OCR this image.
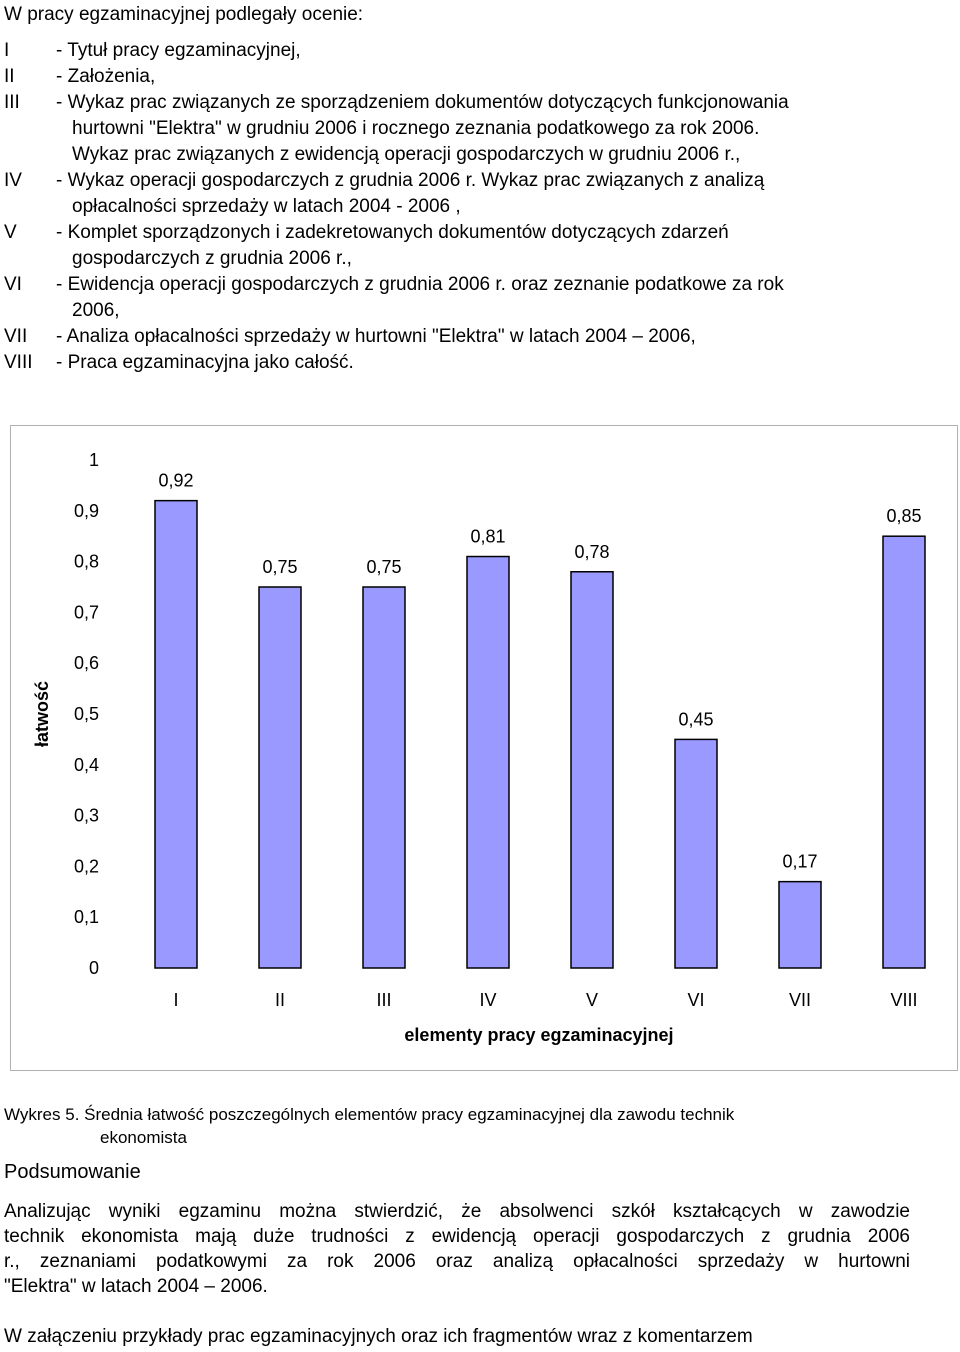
W pracy egzaminacyjnej podlegały ocenie:
I	- Tytuł pracy egzaminacyjnej,
II	- Założenia,
III	- Wykaz prac związanych ze sporządzeniem dokumentów dotyczących funkcjonowania
hurtowni "Elektra" w grudniu 2006 i rocznego zeznania podatkowego za rok 2006.
Wykaz prac związanych z ewidencją operacji gospodarczych w grudniu 2006 r.,
IV	- Wykaz operacji gospodarczych z grudnia 2006 r. Wykaz prac związanych z analizą
opłacalności sprzedaży w latach 2004 - 2006 ,
V	- Komplet sporządzonych i zadekretowanych dokumentów dotyczących zdarzeń
gospodarczych z grudnia 2006 r.,
VI	- Ewidencja operacji gospodarczych z grudnia 2006 r. oraz zeznanie podatkowe za rok
2006,
VII	- Analiza opłacalności sprzedaży w hurtowni "Elektra" w latach 2004 – 2006,
VIII	- Praca egzaminacyjna jako całość.
0
0,1
0,2
0,3
0,4
0,5
0,6
0,7
0,8
0,9
1
0,92
I
0,75
II
0,75
III
0,81
IV
0,78
V
0,45
VI
0,17
VII
0,85
VIII
elementy pracy egzaminacyjnej
łatwość
Wykres 5. Średnia łatwość poszczególnych elementów pracy egzaminacyjnej dla zawodu technik
ekonomista
Podsumowanie
Analizując wyniki egzaminu można stwierdzić, że absolwenci szkół kształcących w zawodzie
technik ekonomista mają duże trudności z ewidencją operacji gospodarczych z grudnia 2006
r., zeznaniami podatkowymi za rok 2006 oraz analizą opłacalności sprzedaży w hurtowni
"Elektra" w latach 2004 – 2006.
W załączeniu przykłady prac egzaminacyjnych oraz ich fragmentów wraz z komentarzem
